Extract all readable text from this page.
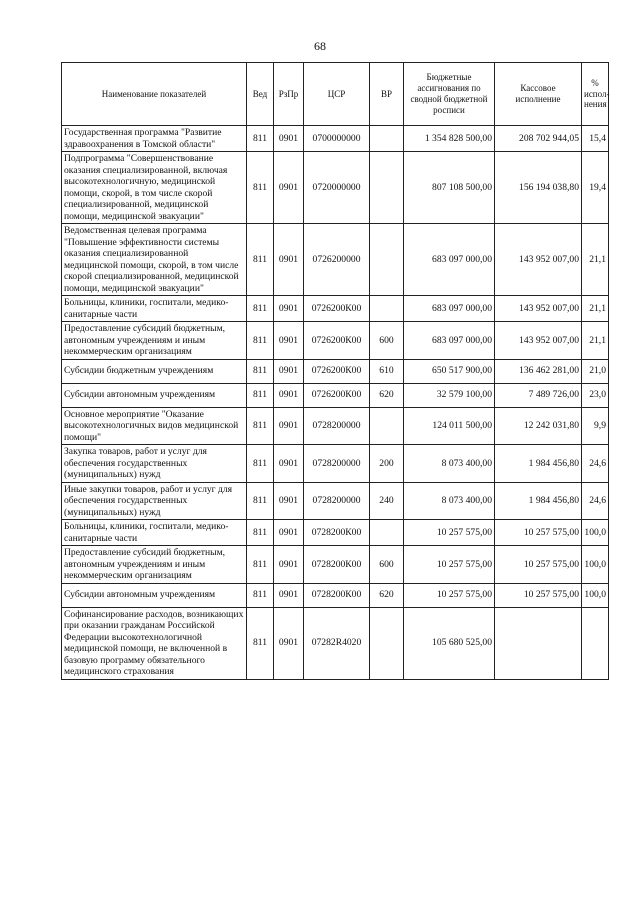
68
Наименование показателей	Вед	РзПр	ЦСР	ВР	Бюджетные ассигнования по сводной бюджетной росписи	Кассовое исполнение	% испол-нения
Государственная программа "Развитие здравоохранения в Томской области"	811	0901	0700000000		1 354 828 500,00	208 702 944,05	15,4
Подпрограмма "Совершенствование оказания специализированной, включая высокотехнологичную, медицинской помощи, скорой, в том числе скорой специализированной, медицинской помощи, медицинской эвакуации"	811	0901	0720000000		807 108 500,00	156 194 038,80	19,4
Ведомственная целевая программа "Повышение эффективности системы оказания специализированной медицинской помощи, скорой, в том числе скорой специализированной, медицинской помощи, медицинской эвакуации"	811	0901	0726200000		683 097 000,00	143 952 007,00	21,1
Больницы, клиники, госпитали, медико-санитарные части	811	0901	0726200К00		683 097 000,00	143 952 007,00	21,1
Предоставление субсидий бюджетным, автономным учреждениям и иным некоммерческим организациям	811	0901	0726200К00	600	683 097 000,00	143 952 007,00	21,1
Субсидии бюджетным учреждениям	811	0901	0726200К00	610	650 517 900,00	136 462 281,00	21,0
Субсидии автономным учреждениям	811	0901	0726200К00	620	32 579 100,00	7 489 726,00	23,0
Основное мероприятие "Оказание высокотехнологичных видов медицинской помощи"	811	0901	0728200000		124 011 500,00	12 242 031,80	9,9
Закупка товаров, работ и услуг для обеспечения государственных (муниципальных) нужд	811	0901	0728200000	200	8 073 400,00	1 984 456,80	24,6
Иные закупки товаров, работ и услуг для обеспечения государственных (муниципальных) нужд	811	0901	0728200000	240	8 073 400,00	1 984 456,80	24,6
Больницы, клиники, госпитали, медико-санитарные части	811	0901	0728200К00		10 257 575,00	10 257 575,00	100,0
Предоставление субсидий бюджетным, автономным учреждениям и иным некоммерческим организациям	811	0901	0728200К00	600	10 257 575,00	10 257 575,00	100,0
Субсидии автономным учреждениям	811	0901	0728200К00	620	10 257 575,00	10 257 575,00	100,0
Софинансирование расходов, возникающих при оказании гражданам Российской Федерации высокотехнологичной медицинской помощи, не включенной в базовую программу обязательного медицинского страхования	811	0901	07282R4020		105 680 525,00		
